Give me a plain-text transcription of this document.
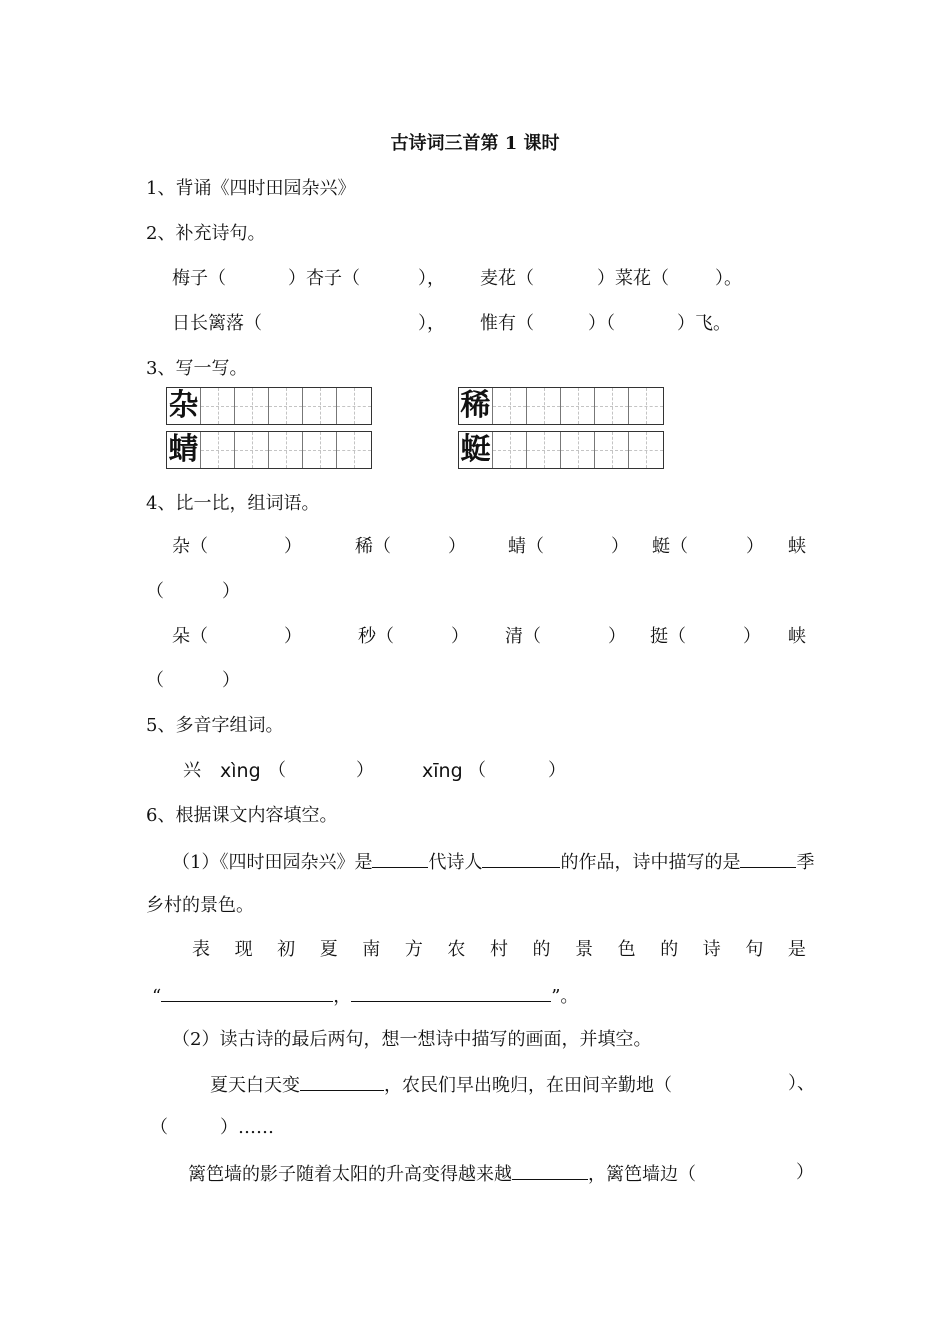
古诗词三首第 1 课时
1、背诵《四时田园杂兴》
2、补充诗句。
梅子（	）杏子（	）， 麦花（	）菜花（	）。
日长篱落（	）， 惟有（	）（	）飞。
3、写一写。
杂	稀
蜻	蜓
4、比一比，组词语。
杂（	）	稀（	） 蜻（	） 蜓（	） 蛱
（	）
朵（	）	秒（	） 清（	） 挺（	） 峡
（	）
5、多音字组词。
兴 xìng （	）	xīng （	）
6、根据课文内容填空。
（1）《四时田园杂兴》是	代诗人	的作品，诗中描写的是	季
乡村的景色。
表 现 初 夏 南 方 农 村 的 景 色 的 诗 句 是
“	，	”。
（2）读古诗的最后两句，想一想诗中描写的画面，并填空。
夏天白天变	，农民们早出晚归，在田间辛勤地（	）、
（	）……
篱笆墙的影子随着太阳的升高变得越来越	，篱笆墙边（	）
